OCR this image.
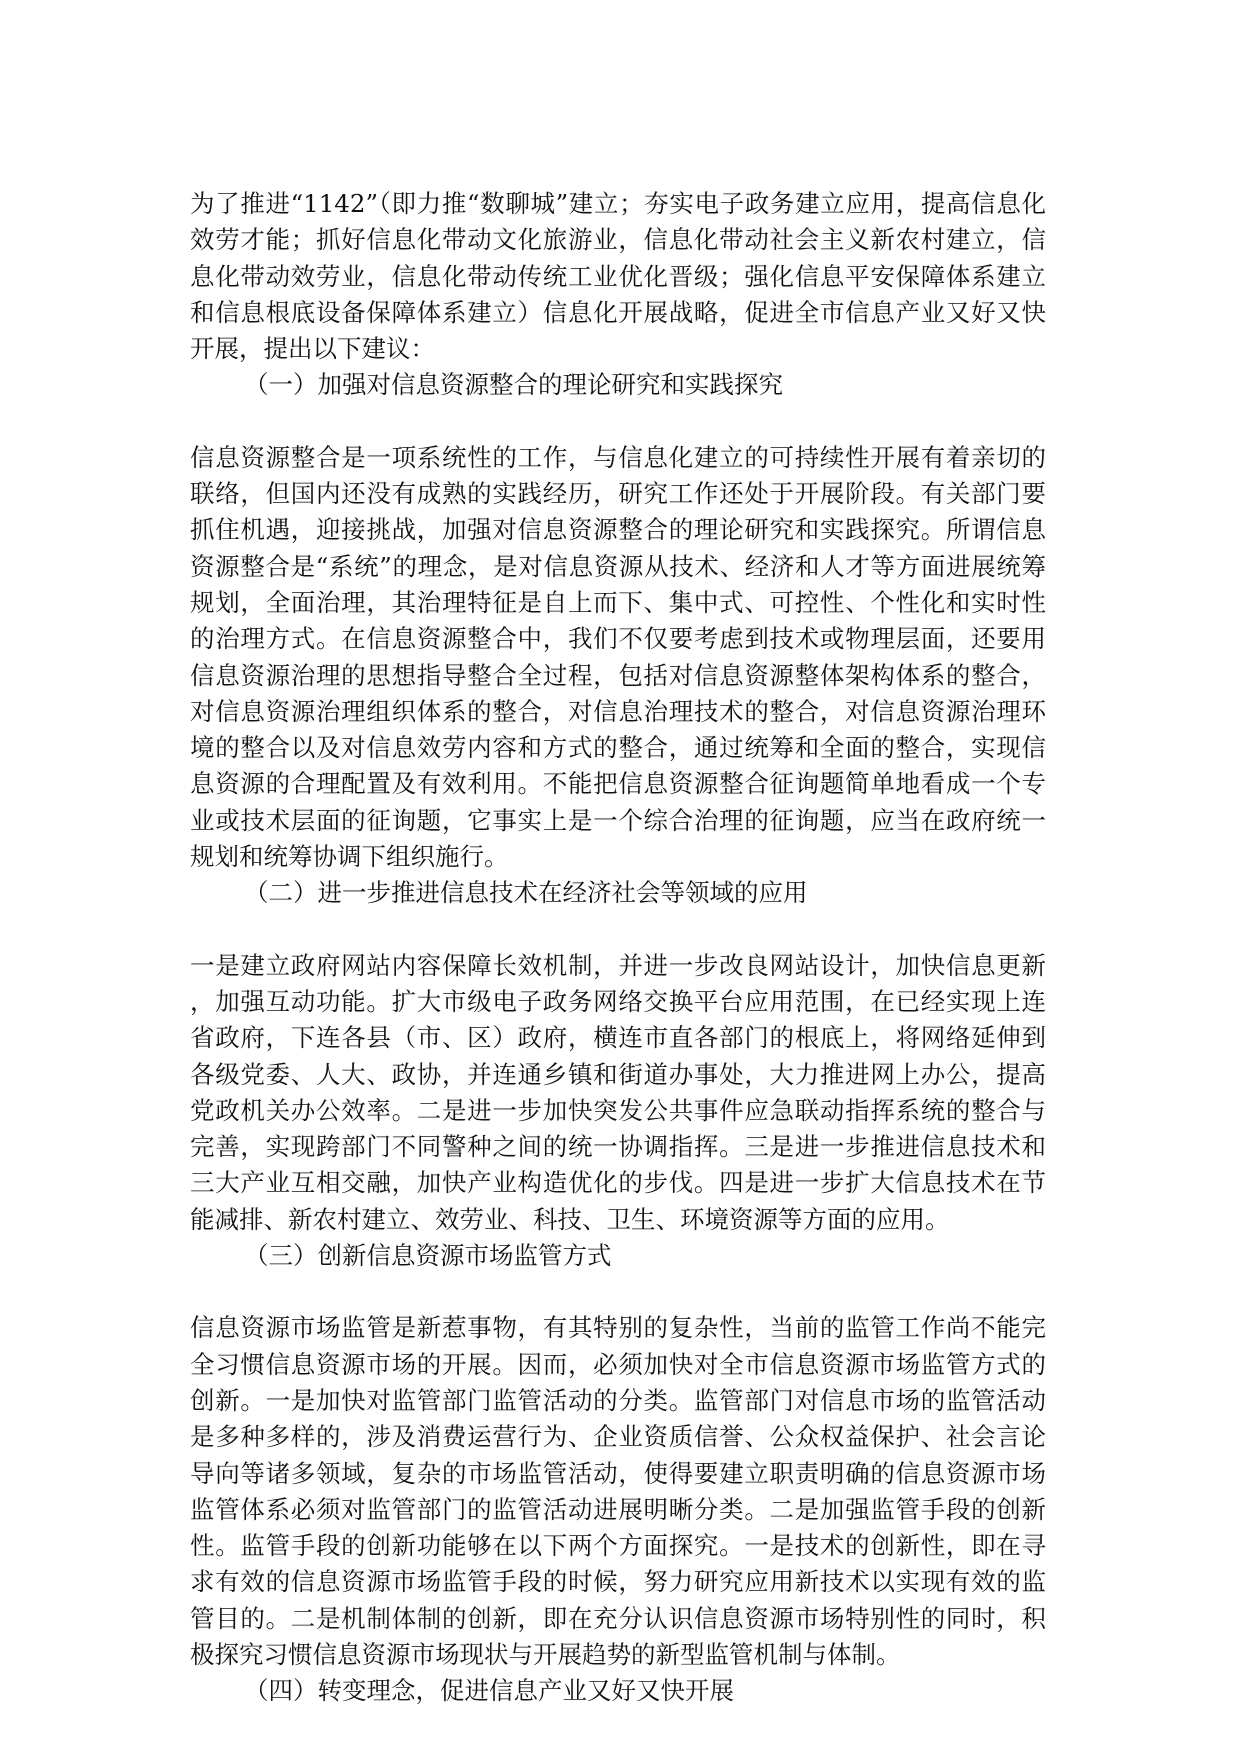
为了推进“1142”（即力推“数聊城”建立；夯实电子政务建立应用，提高信息化效劳才能；抓好信息化带动文化旅游业，信息化带动社会主义新农村建立，信息化带动效劳业，信息化带动传统工业优化晋级；强化信息平安保障体系建立和信息根底设备保障体系建立）信息化开展战略，促进全市信息产业又好又快开展，提出以下建议：

（一）加强对信息资源整合的理论研究和实践探究

信息资源整合是一项系统性的工作，与信息化建立的可持续性开展有着亲切的联络，但国内还没有成熟的实践经历，研究工作还处于开展阶段。有关部门要抓住机遇，迎接挑战，加强对信息资源整合的理论研究和实践探究。所谓信息资源整合是“系统”的理念，是对信息资源从技术、经济和人才等方面进展统筹规划，全面治理，其治理特征是自上而下、集中式、可控性、个性化和实时性的治理方式。在信息资源整合中，我们不仅要考虑到技术或物理层面，还要用信息资源治理的思想指导整合全过程，包括对信息资源整体架构体系的整合，对信息资源治理组织体系的整合，对信息治理技术的整合，对信息资源治理环境的整合以及对信息效劳内容和方式的整合，通过统筹和全面的整合，实现信息资源的合理配置及有效利用。不能把信息资源整合征询题简单地看成一个专业或技术层面的征询题，它事实上是一个综合治理的征询题，应当在政府统一规划和统筹协调下组织施行。

（二）进一步推进信息技术在经济社会等领域的应用

一是建立政府网站内容保障长效机制，并进一步改良网站设计，加快信息更新，加强互动功能。扩大市级电子政务网络交换平台应用范围，在已经实现上连省政府，下连各县（市、区）政府，横连市直各部门的根底上，将网络延伸到各级党委、人大、政协，并连通乡镇和街道办事处，大力推进网上办公，提高党政机关办公效率。二是进一步加快突发公共事件应急联动指挥系统的整合与完善，实现跨部门不同警种之间的统一协调指挥。三是进一步推进信息技术和三大产业互相交融，加快产业构造优化的步伐。四是进一步扩大信息技术在节能减排、新农村建立、效劳业、科技、卫生、环境资源等方面的应用。

（三）创新信息资源市场监管方式

信息资源市场监管是新惹事物，有其特别的复杂性，当前的监管工作尚不能完全习惯信息资源市场的开展。因而，必须加快对全市信息资源市场监管方式的创新。一是加快对监管部门监管活动的分类。监管部门对信息市场的监管活动是多种多样的，涉及消费运营行为、企业资质信誉、公众权益保护、社会言论导向等诸多领域，复杂的市场监管活动，使得要建立职责明确的信息资源市场监管体系必须对监管部门的监管活动进展明晰分类。二是加强监管手段的创新性。监管手段的创新功能够在以下两个方面探究。一是技术的创新性，即在寻求有效的信息资源市场监管手段的时候，努力研究应用新技术以实现有效的监管目的。二是机制体制的创新，即在充分认识信息资源市场特别性的同时，积极探究习惯信息资源市场现状与开展趋势的新型监管机制与体制。

（四）转变理念，促进信息产业又好又快开展
